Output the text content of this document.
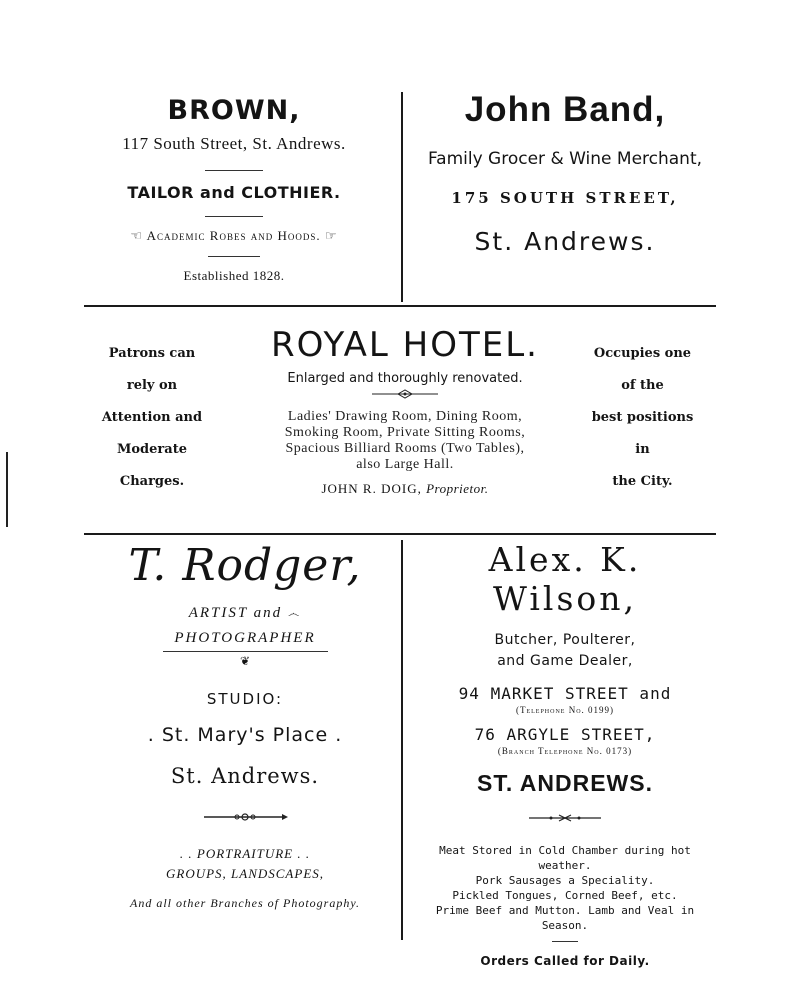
BROWN,
117 South Street, St. Andrews.
TAILOR and CLOTHIER.
☜ Academic Robes and Hoods. ☞
Established 1828.
John Band,
Family Grocer & Wine Merchant,
175 SOUTH STREET,
St. Andrews.
Patrons can
rely on
Attention and
Moderate
Charges.
ROYAL HOTEL.
Enlarged and thoroughly renovated.
Ladies' Drawing Room, Dining Room,
Smoking Room, Private Sitting Rooms,
Spacious Billiard Rooms (Two Tables),
also Large Hall.
JOHN R. DOIG, Proprietor.
Occupies one
of the
best positions
in
the City.
T. Rodger,
ARTIST and ෴
PHOTOGRAPHER
❦
STUDIO:
. St. Mary's Place .
St. Andrews.
. . PORTRAITURE . .
GROUPS, LANDSCAPES,
And all other Branches of Photography.
Alex. K. Wilson,
Butcher, Poulterer,
and Game Dealer,
94 MARKET STREET and
(Telephone No. 0199)
76 ARGYLE STREET,
(Branch Telephone No. 0173)
ST. ANDREWS.
Meat Stored in Cold Chamber during hot
weather.
Pork Sausages a Speciality.
Pickled Tongues, Corned Beef, etc.
Prime Beef and Mutton. Lamb and Veal in
Season.
Orders Called for Daily.
